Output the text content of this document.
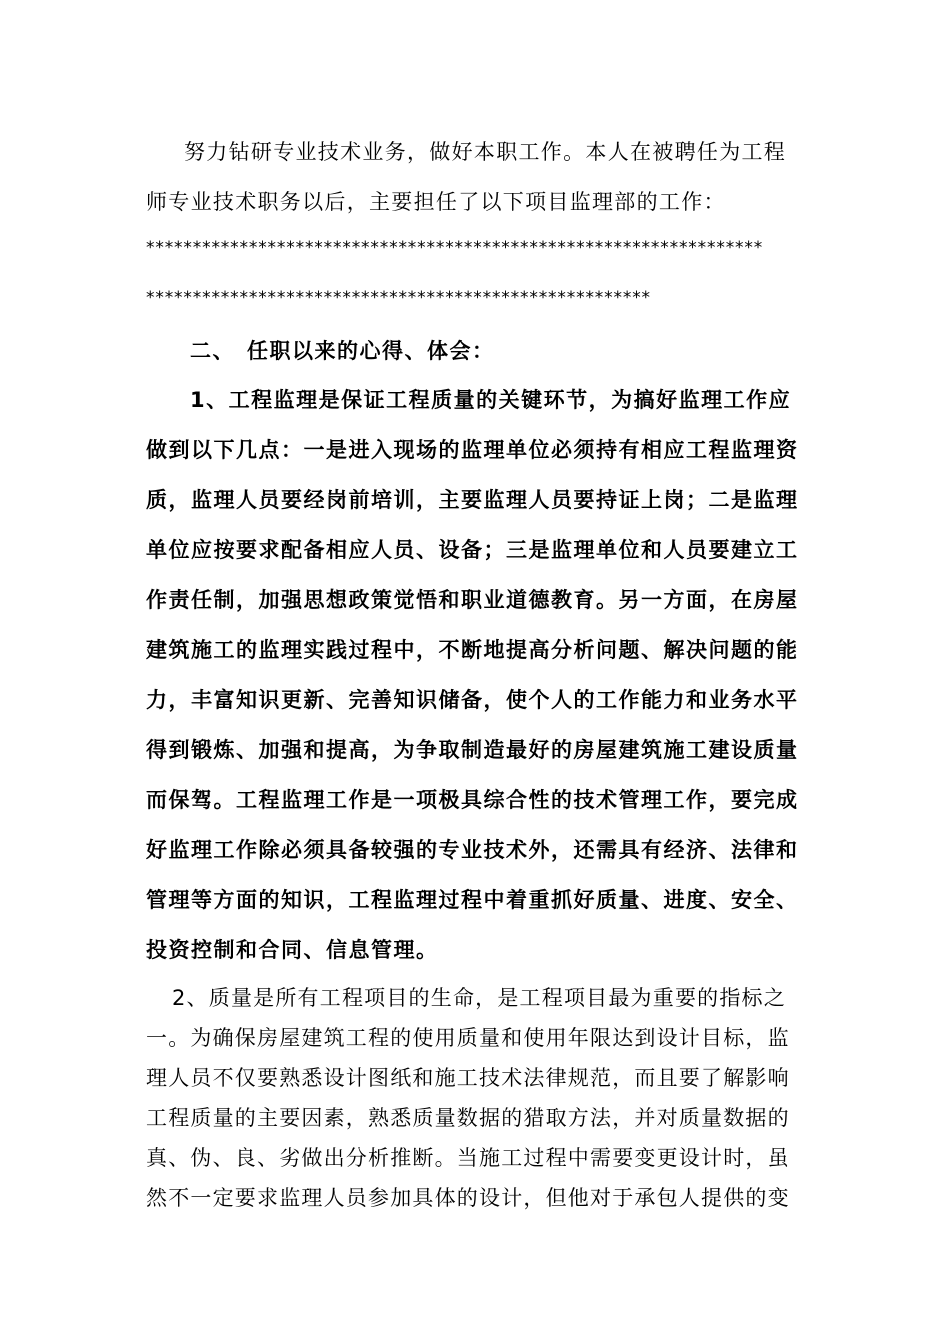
努力钻研专业技术业务，做好本职工作。本人在被聘任为工程
师专业技术职务以后，主要担任了以下项目监理部的工作：
******************************************************************
******************************************************
二、　任职以来的心得、体会：
1、工程监理是保证工程质量的关键环节，为搞好监理工作应
做到以下几点：一是进入现场的监理单位必须持有相应工程监理资
质，监理人员要经岗前培训，主要监理人员要持证上岗；二是监理
单位应按要求配备相应人员、设备；三是监理单位和人员要建立工
作责任制，加强思想政策觉悟和职业道德教育。另一方面，在房屋
建筑施工的监理实践过程中，不断地提高分析问题、解决问题的能
力，丰富知识更新、完善知识储备，使个人的工作能力和业务水平
得到锻炼、加强和提高，为争取制造最好的房屋建筑施工建设质量
而保驾。工程监理工作是一项极具综合性的技术管理工作，要完成
好监理工作除必须具备较强的专业技术外，还需具有经济、法律和
管理等方面的知识，工程监理过程中着重抓好质量、进度、安全、
投资控制和合同、信息管理。
2、质量是所有工程项目的生命，是工程项目最为重要的指标之
一。为确保房屋建筑工程的使用质量和使用年限达到设计目标，监
理人员不仅要熟悉设计图纸和施工技术法律规范，而且要了解影响
工程质量的主要因素，熟悉质量数据的猎取方法，并对质量数据的
真、伪、良、劣做出分析推断。当施工过程中需要变更设计时，虽
然不一定要求监理人员参加具体的设计，但他对于承包人提供的变
